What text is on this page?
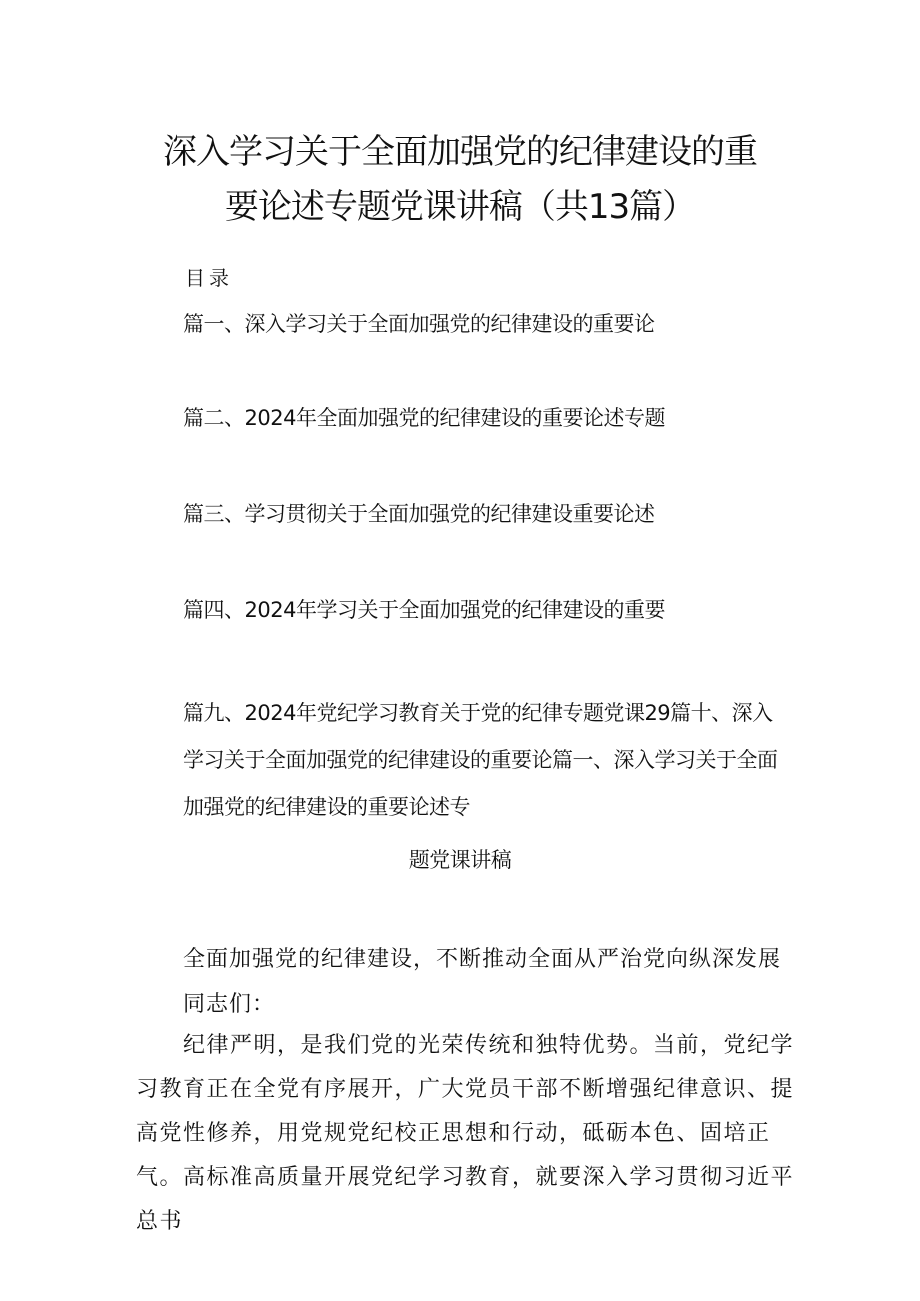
深入学习关于全面加强党的纪律建设的重
要论述专题党课讲稿（共13篇）
目录
篇一、深入学习关于全面加强党的纪律建设的重要论
篇二、2024年全面加强党的纪律建设的重要论述专题
篇三、学习贯彻关于全面加强党的纪律建设重要论述
篇四、2024年学习关于全面加强党的纪律建设的重要
篇九、2024年党纪学习教育关于党的纪律专题党课29篇十、深入学习关于全面加强党的纪律建设的重要论篇一、深入学习关于全面加强党的纪律建设的重要论述专
题党课讲稿
全面加强党的纪律建设，不断推动全面从严治党向纵深发展
同志们：
纪律严明，是我们党的光荣传统和独特优势。当前，党纪学习教育正在全党有序展开，广大党员干部不断增强纪律意识、提高党性修养，用党规党纪校正思想和行动，砥砺本色、固培正气。高标准高质量开展党纪学习教育，就要深入学习贯彻习近平总书
